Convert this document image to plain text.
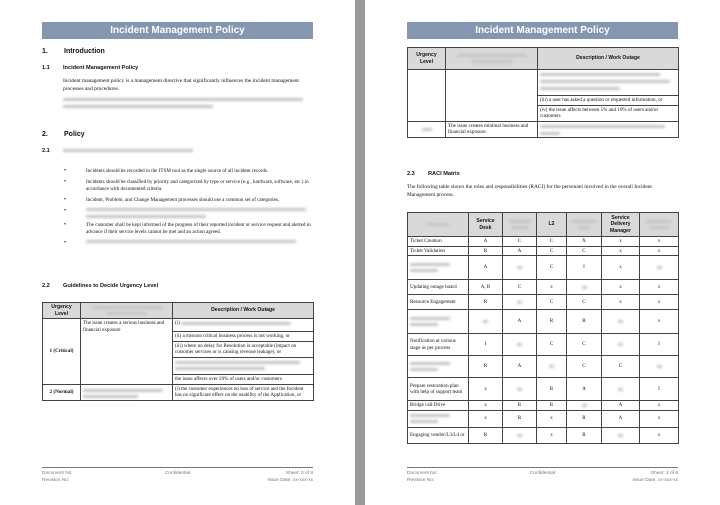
Incident Management Policy
1. Introduction
1.1 Incident Management Policy
Incident management policy is a management directive that significantly influences the incident management processes and procedures.
2. Policy
2.1
• Incidents should be recorded in the ITSM tool as the single source of all incident records.
• Incidents should be classified by priority and categorized by type or service (e.g., hardware, software, etc.) in accordance with documented criteria.
• Incident, Problem, and Change Management processes should use a common set of categories.
•
• The customer shall be kept informed of the progress of their reported incident or service request and alerted in advance if their service levels cannot be met and an action agreed.
•
2.2 Guidelines to Decide Urgency Level
Urgency Level		Description / Work Outage
1 (Critical)	The issue creates a serious business and financial exposure	(i)
		(ii) a mission critical business process is not working, or
		(iii) where no delay for Resolution is acceptable (impact on customer services or is causing revenue leakage), or

		the issue affects over 20% of users and/or customers
2 (Normal)		(i) the customer experiences no loss of service and the Incident has no significant effect on the usability of the Application, or
Document No:
Revision No:
Confidential	Sheet: 3 of 8
Issue Date: xx-xxx-xx
Incident Management Policy
Urgency Level		Description / Work Outage

		(iii) a user has asked a question or requested information, or
		(iv) the issue affects between 5% and 10% of users and/or customers

	The issue creates minimal business and financial exposure.	
2.3 RACI Matrix
The following table shows the roles and responsibilities (RACI) for the personnel involved in the overall Incident Management process.
	Service Desk		L2		Service Delivery Manager	

Ticket Creation	A	C	C	X	x	x
Ticket Validation	R	A	C	C	x	x

	A		C	I	x	

Updating outage board	A, R	C	x		x	x
Resource Engagement	R		C	C	x	x

	A	R	R		x
Notification at various stage as per process	I		C	C		I

	R	A		C	C	

Prepare restoration plan with help of support team	x		R	A		I
Bridge call Drive	x	R	R		A	x

	x	R	x	R	A	x
Engaging vendor/L3/L4 or	R		x	R		x
Document No:
Revision No:
Confidential	Sheet: 4 of 8
Issue Date: xx-xxx-xx
